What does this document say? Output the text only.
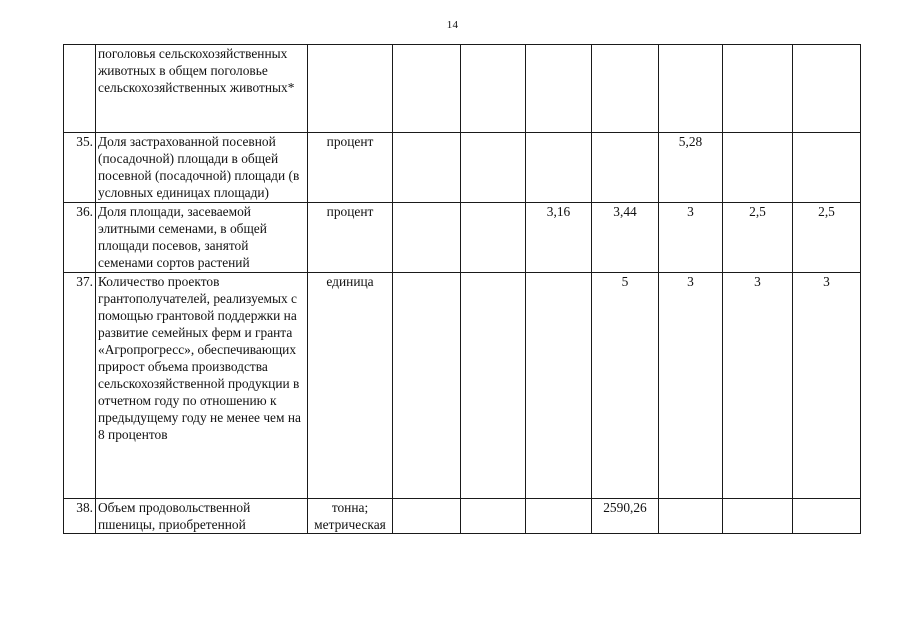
14
	поголовья сельскохозяйственных животных в общем поголовье сельскохозяйственных животных*								
35.	Доля застрахованной посевной (посадочной) площади в общей посевной (посадочной) площади (в условных единицах площади)	процент					5,28		
36.	Доля площади, засеваемой элитными семенами, в общей площади посевов, занятой семенами сортов растений	процент			3,16	3,44	3	2,5	2,5
37.	Количество проектов грантополучателей, реализуемых с помощью грантовой поддержки на развитие семейных ферм и гранта «Агропрогресс», обеспечивающих прирост объема производства сельскохозяйственной продукции в отчетном году по отношению к предыдущему году не менее чем на 8 процентов	единица				5	3	3	3
38.	Объем продовольственной пшеницы, приобретенной	тонна; метрическая				2590,26			
